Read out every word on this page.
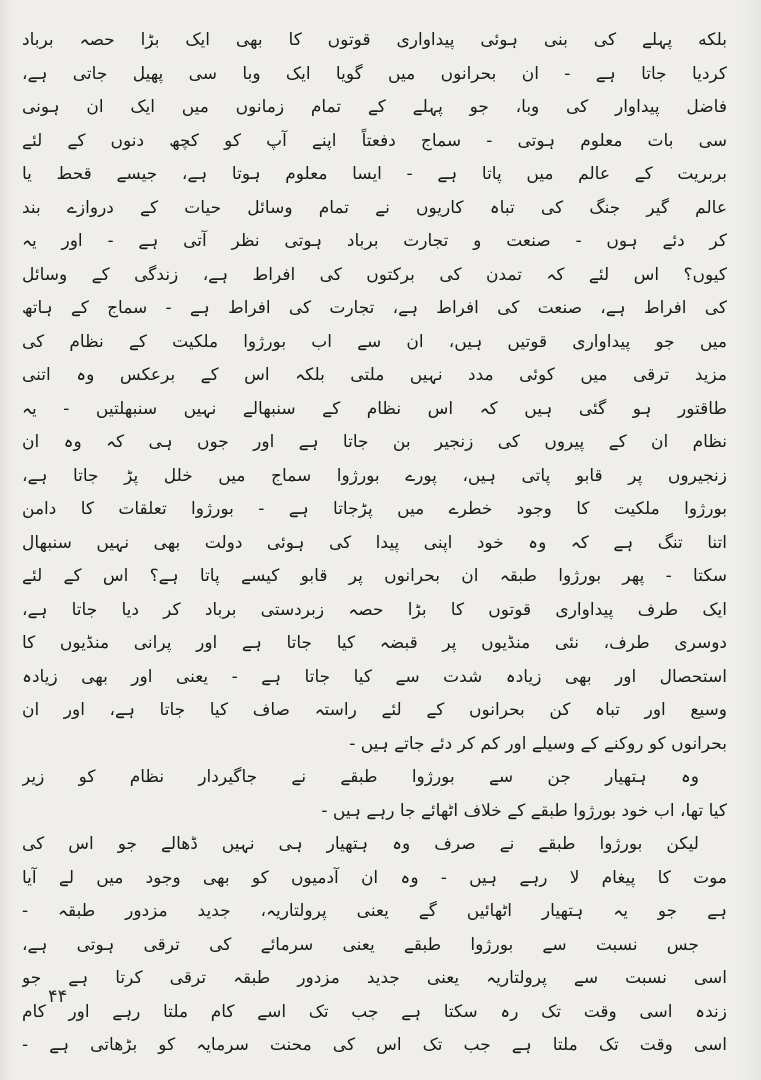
بلکه پہلے کی بنی ہوئی پیداواری قوتوں کا بھی ایک بڑا حصہ برباد
کردیا جاتا ہے - ان بحرانوں میں گویا ایک وبا سی پھیل جاتی ہے،
فاضل پیداوار کی وبا، جو پہلے کے تمام زمانوں میں ایک ان ہونی
سی بات معلوم ہوتی - سماج دفعتاً اپنے آپ کو کچھ دنوں کے لئے
بربریت کے عالم میں پاتا ہے - ایسا معلوم ہوتا ہے، جیسے قحط یا
عالم گیر جنگ کی تباہ کاریوں نے تمام وسائل حیات کے دروازے بند
کر دئے ہوں - صنعت و تجارت برباد ہوتی نظر آتی ہے - اور یہ
کیوں؟ اس لئے کہ تمدن کی برکتوں کی افراط ہے، زندگی کے وسائل
کی افراط ہے، صنعت کی افراط ہے، تجارت کی افراط ہے - سماج کے ہاتھ
میں جو پیداواری قوتیں ہیں، ان سے اب بورژوا ملکیت کے نظام کی
مزید ترقی میں کوئی مدد نہیں ملتی بلکہ اس کے برعکس وہ اتنی
طاقتور ہو گئی ہیں کہ اس نظام کے سنبھالے نہیں سنبھلتیں - یہ
نظام ان کے پیروں کی زنجیر بن جاتا ہے اور جوں ہی کہ وہ ان
زنجیروں پر قابو پاتی ہیں، پورے بورژوا سماج میں خلل پڑ جاتا ہے،
بورژوا ملکیت کا وجود خطرے میں پڑجاتا ہے - بورژوا تعلقات کا دامن
اتنا تنگ ہے کہ وہ خود اپنی پیدا کی ہوئی دولت بھی نہیں سنبھال
سکتا - پھر بورژوا طبقہ ان بحرانوں پر قابو کیسے پاتا ہے؟ اس کے لئے
ایک طرف پیداواری قوتوں کا بڑا حصہ زبردستی برباد کر دیا جاتا ہے،
دوسری طرف، نئی منڈیوں پر قبضہ کیا جاتا ہے اور پرانی منڈیوں کا
استحصال اور بھی زیادہ شدت سے کیا جاتا ہے - یعنی اور بھی زیادہ
وسیع اور تباہ کن بحرانوں کے لئے راستہ صاف کیا جاتا ہے، اور ان
بحرانوں کو روکنے کے وسیلے اور کم کر دئے جاتے ہیں -
وہ ہتھیار جن سے بورژوا طبقے نے جاگیردار نظام کو زیر
کیا تھا، اب خود بورژوا طبقے کے خلاف اٹھائے جا رہے ہیں -
لیکن بورژوا طبقے نے صرف وہ ہتھیار ہی نہیں ڈھالے جو اس کی
موت کا پیغام لا رہے ہیں - وہ ان آدمیوں کو بھی وجود میں لے آیا
ہے جو یہ ہتھیار اٹھائیں گے یعنی پرولتاریہ، جدید مزدور طبقہ -
جس نسبت سے بورژوا طبقے یعنی سرمائے کی ترقی ہوتی ہے،
اسی نسبت سے پرولتاریہ یعنی جدید مزدور طبقہ ترقی کرتا ہے جو
زندہ اسی وقت تک رہ سکتا ہے جب تک اسے کام ملتا رہے اور کام
اسی وقت تک ملتا ہے جب تک اس کی محنت سرمایہ کو بڑھاتی ہے -
۴۴
